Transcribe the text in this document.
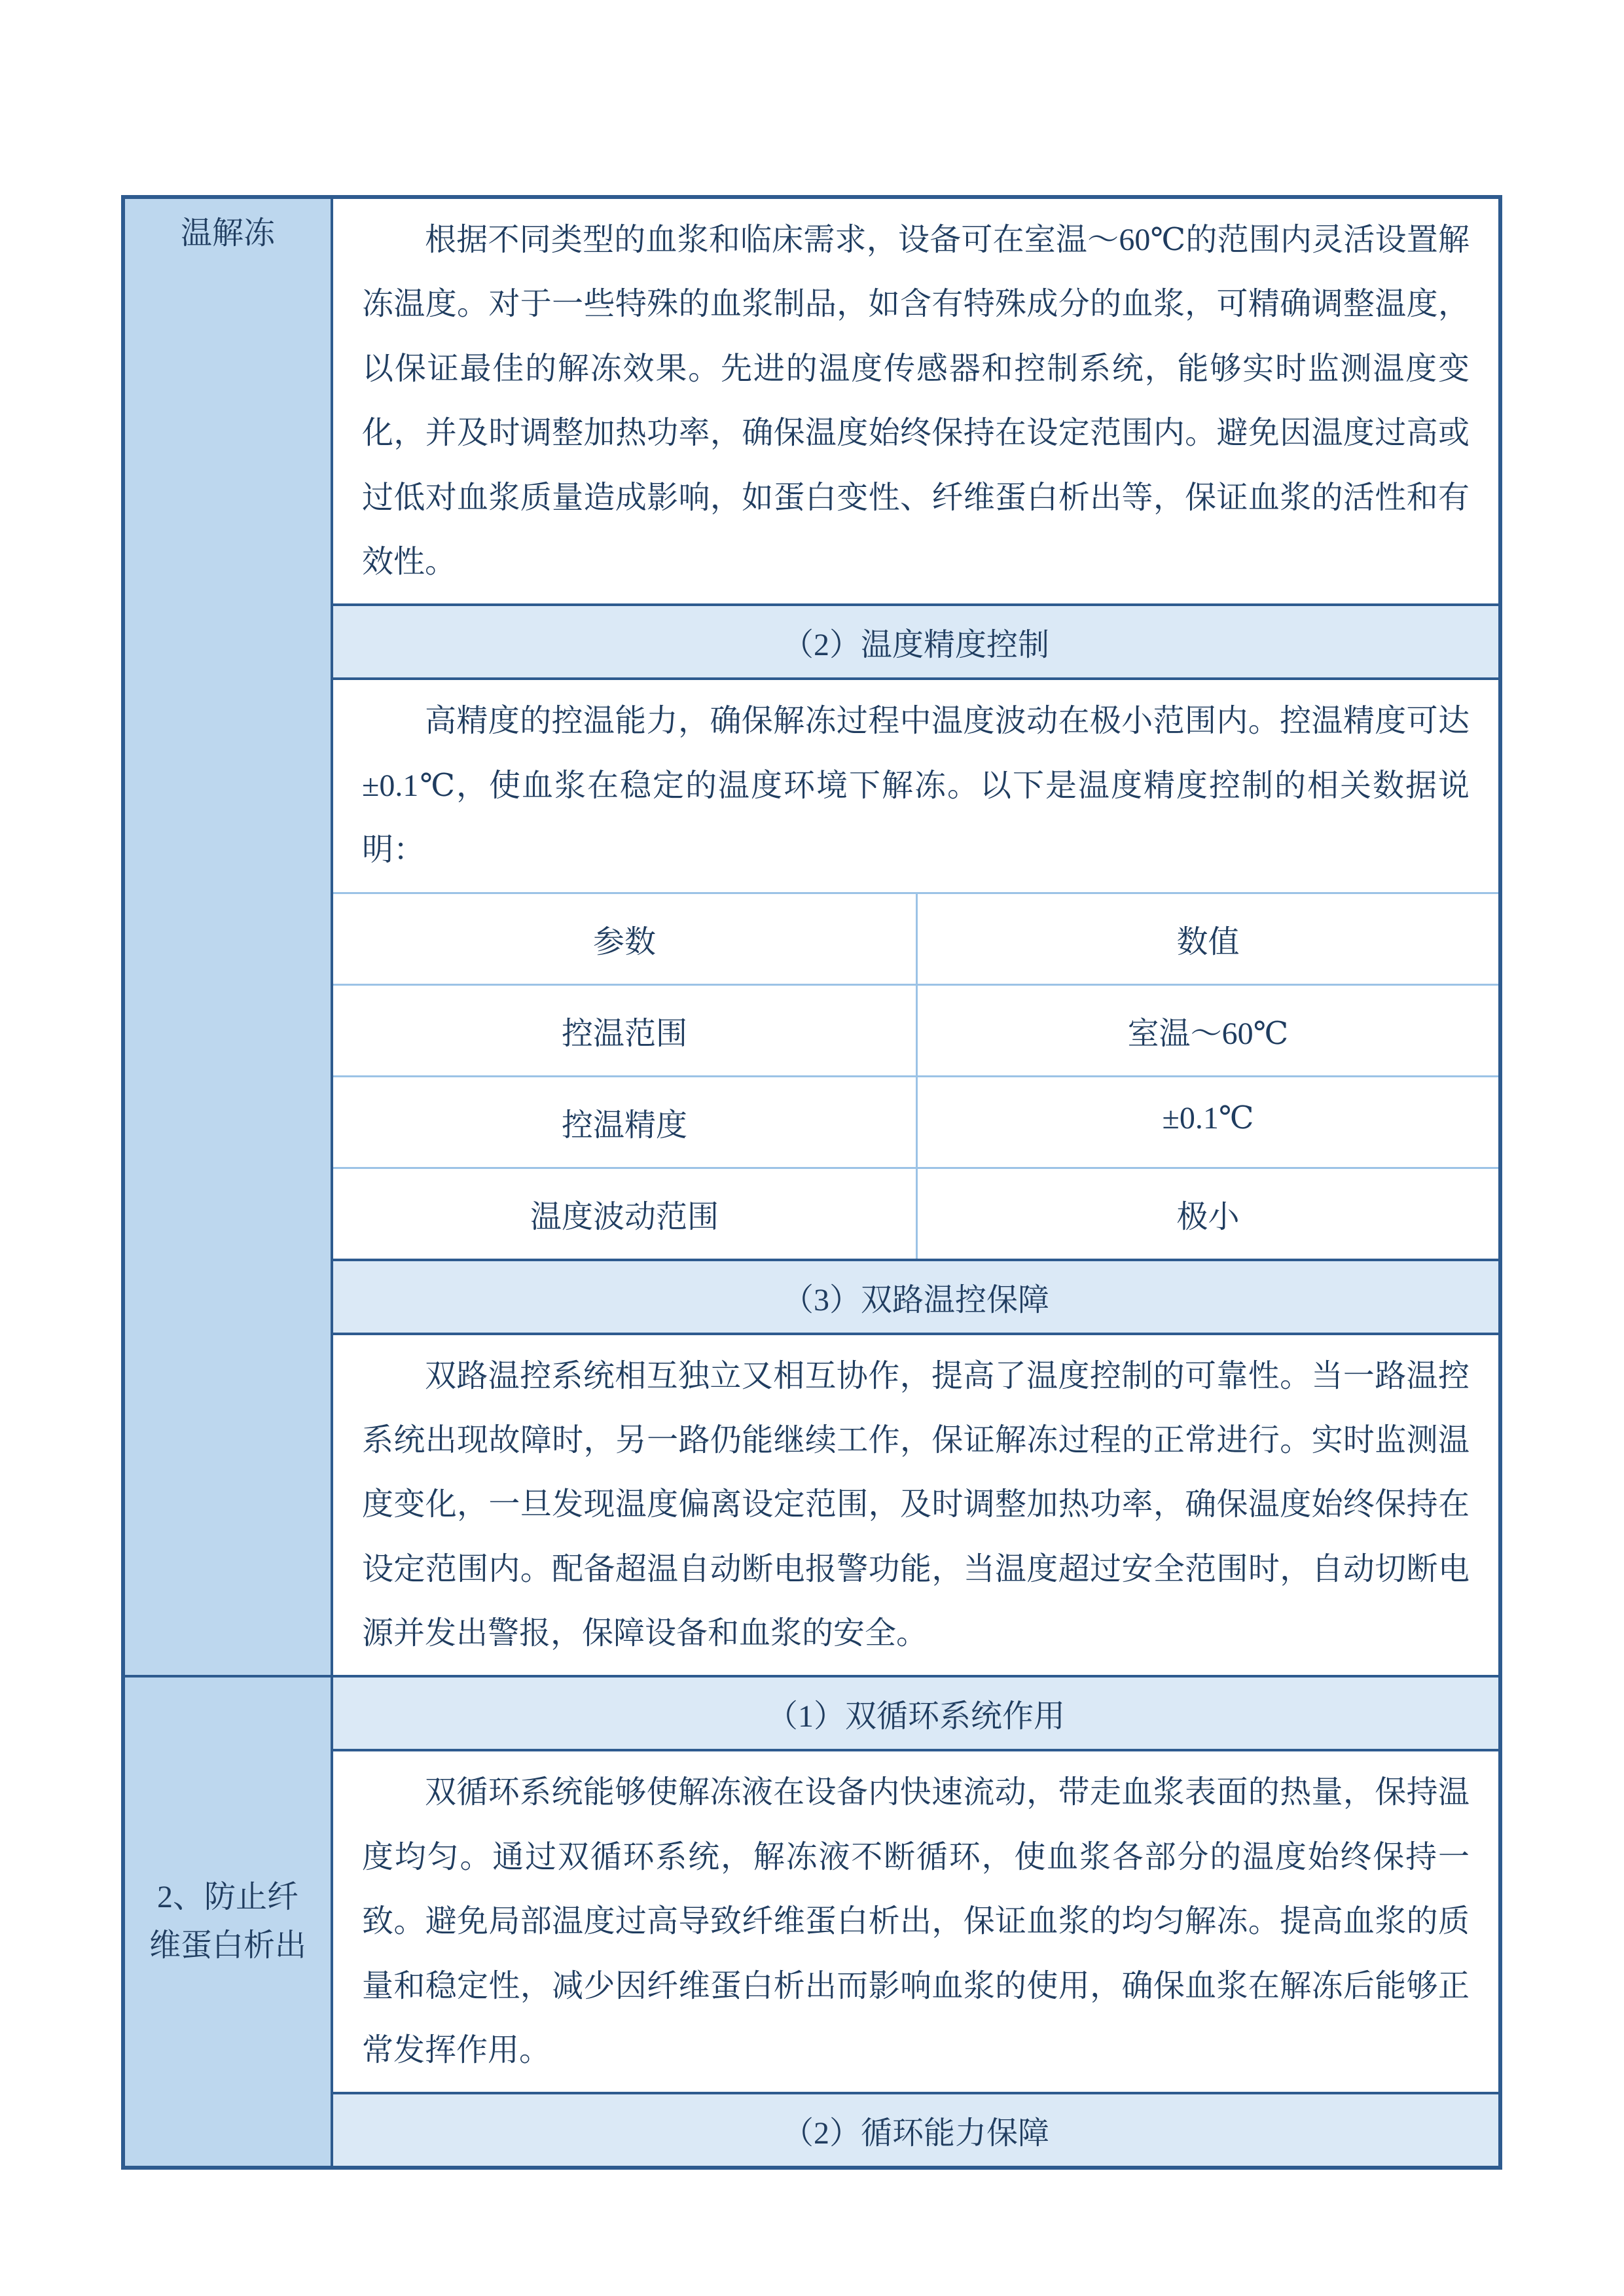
温解冻	根据不同类型的血浆和临床需求，设备可在室温～60℃的范围内灵活设置解冻温度。对于一些特殊的血浆制品，如含有特殊成分的血浆，可精确调整温度，以保证最佳的解冻效果。先进的温度传感器和控制系统，能够实时监测温度变化，并及时调整加热功率，确保温度始终保持在设定范围内。避免因温度过高或过低对血浆质量造成影响，如蛋白变性、纤维蛋白析出等，保证血浆的活性和有效性。
（2）温度精度控制
高精度的控温能力，确保解冻过程中温度波动在极小范围内。控温精度可达±0.1℃，使血浆在稳定的温度环境下解冻。以下是温度精度控制的相关数据说明：
参数	数值
控温范围	室温～60℃
控温精度	±0.1℃
温度波动范围	极小
（3）双路温控保障
双路温控系统相互独立又相互协作，提高了温度控制的可靠性。当一路温控系统出现故障时，另一路仍能继续工作，保证解冻过程的正常进行。实时监测温度变化，一旦发现温度偏离设定范围，及时调整加热功率，确保温度始终保持在设定范围内。配备超温自动断电报警功能，当温度超过安全范围时，自动切断电源并发出警报，保障设备和血浆的安全。
2、防止纤维蛋白析出
（1）双循环系统作用
双循环系统能够使解冻液在设备内快速流动，带走血浆表面的热量，保持温度均匀。通过双循环系统，解冻液不断循环，使血浆各部分的温度始终保持一致。避免局部温度过高导致纤维蛋白析出，保证血浆的均匀解冻。提高血浆的质量和稳定性，减少因纤维蛋白析出而影响血浆的使用，确保血浆在解冻后能够正常发挥作用。
（2）循环能力保障
